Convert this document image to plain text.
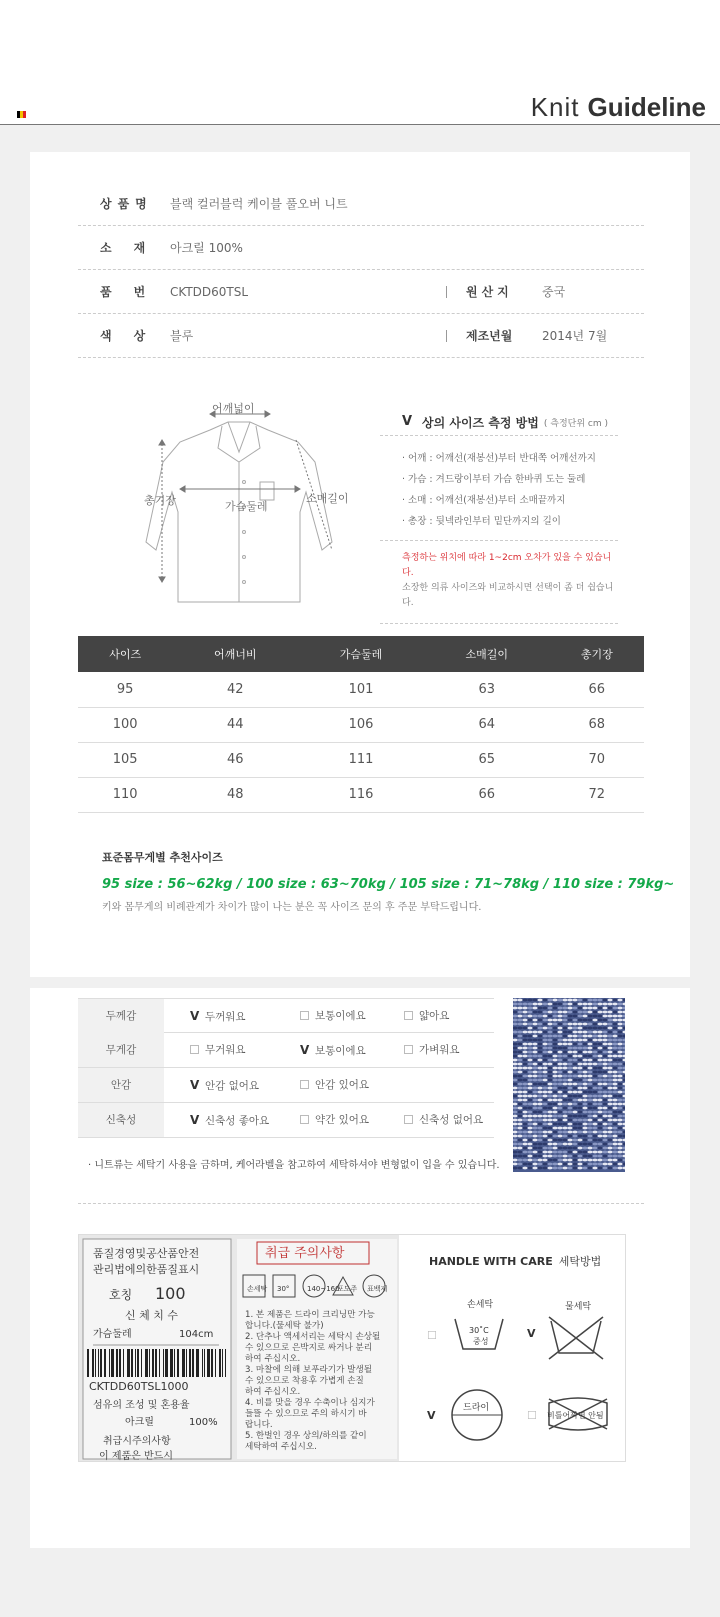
Knit Guideline
상품명 블랙 컬러블럭 케이블 풀오버 니트
소재 아크릴 100%
품번 CKTDD60TSL	원산지 중국
색상 블루	제조년월 2014년 7월
어깨넓이
가슴둘레
소매길이
총기장
V 상의 사이즈 측정 방법 ( 측정단위 cm )
· 어깨 : 어깨선(재봉선)부터 반대쪽 어깨선까지
· 가슴 : 겨드랑이부터 가슴 한바퀴 도는 둘레
· 소매 : 어깨선(재봉선)부터 소매끝까지
· 총장 : 뒷넥라인부터 밑단까지의 길이
측정하는 위치에 따라 1~2cm 오차가 있을 수 있습니다.
소장한 의류 사이즈와 비교하시면 선택이 좀 더 쉽습니다.
사이즈	어깨너비	가슴둘레	소매길이	총기장
95	42	101	63	66
100	44	106	64	68
105	46	111	65	70
110	48	116	66	72
표준몸무게별 추천사이즈
95 size : 56~62kg / 100 size : 63~70kg / 105 size : 71~78kg / 110 size : 79kg~
키와 몸무게의 비례관계가 차이가 많이 나는 분은 꼭 사이즈 문의 후 주문 부탁드립니다.
두께감	V 두꺼워요	보통이에요	얇아요
무게감	무거워요	V 보통이에요	가벼워요
안감	V 안감 없어요	안감 있어요
신축성	V 신축성 좋아요	약간 있어요	신축성 없어요
· 니트류는 세탁기 사용을 금하며, 케어라벨을 참고하여 세탁하셔야 변형없이 입을 수 있습니다.
품질경영및공산품안전
관리법에의한품질표시
호칭 100
신 체 치 수
가슴둘레	104cm
CKTDD60TSL1000
섬유의 조성 및 혼용율
아크릴	100%
취급시주의사항
이 제품은 반드시
취급 주의사항
손세탁 30°	140~160
포도주 표백제
1. 본 제품은 드라이 크리닝만 가능
합니다.(물세탁 불가)
2. 단추나 액세서리는 세탁시 손상될
수 있으므로 은박지로 싸거나 분리
하여 주십시오.
3. 마찰에 의해 보푸라기가 발생될
수 있으므로 착용후 가볍게 손질
하여 주십시오.
4. 비를 맞을 경우 수축이나 심지가
들뜰 수 있으므로 주의 하시기 바
랍니다.
5. 한벌인 경우 상의/하의를 같이
세탁하여 주십시오.
HANDLE WITH CARE 세탁방법
☐
손세탁
30˚C
중성
V
물세탁
V
드라이
☐ 비틀어짜면 안됨
